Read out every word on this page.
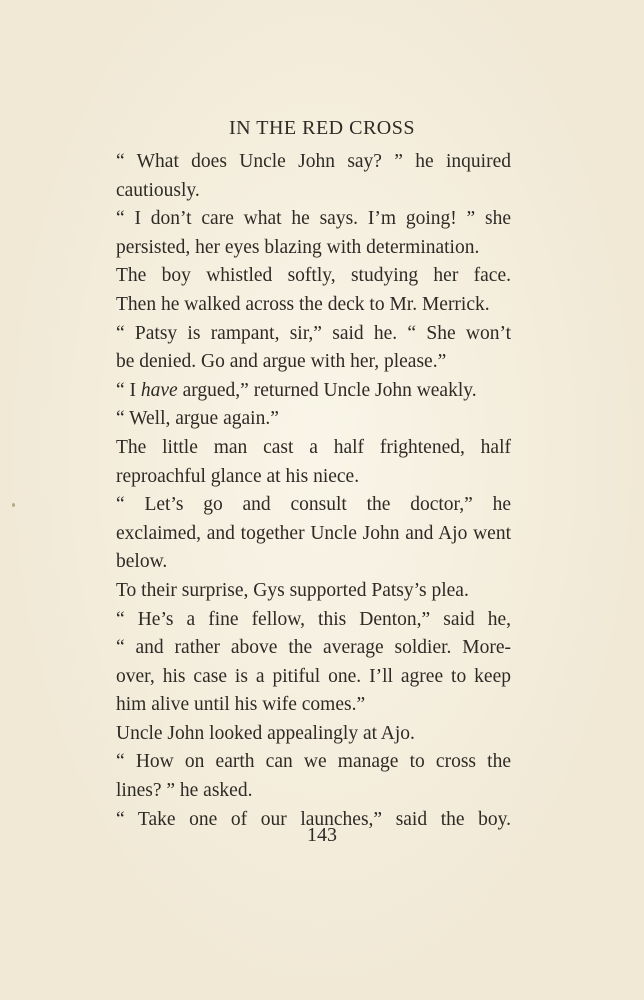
IN THE RED CROSS
“ What does Uncle John say? ” he inquired
cautiously.
“ I don’t care what he says. I’m going! ” she
persisted, her eyes blazing with determination.
The boy whistled softly, studying her face.
Then he walked across the deck to Mr. Merrick.
“ Patsy is rampant, sir,” said he. “ She won’t
be denied. Go and argue with her, please.”
“ I have argued,” returned Uncle John weakly.
“ Well, argue again.”
The little man cast a half frightened, half
reproachful glance at his niece.
“ Let’s go and consult the doctor,” he
exclaimed, and together Uncle John and Ajo went
below.
To their surprise, Gys supported Patsy’s plea.
“ He’s a fine fellow, this Denton,” said he,
“ and rather above the average soldier. More-
over, his case is a pitiful one. I’ll agree to keep
him alive until his wife comes.”
Uncle John looked appealingly at Ajo.
“ How on earth can we manage to cross the
lines? ” he asked.
“ Take one of our launches,” said the boy.
143
